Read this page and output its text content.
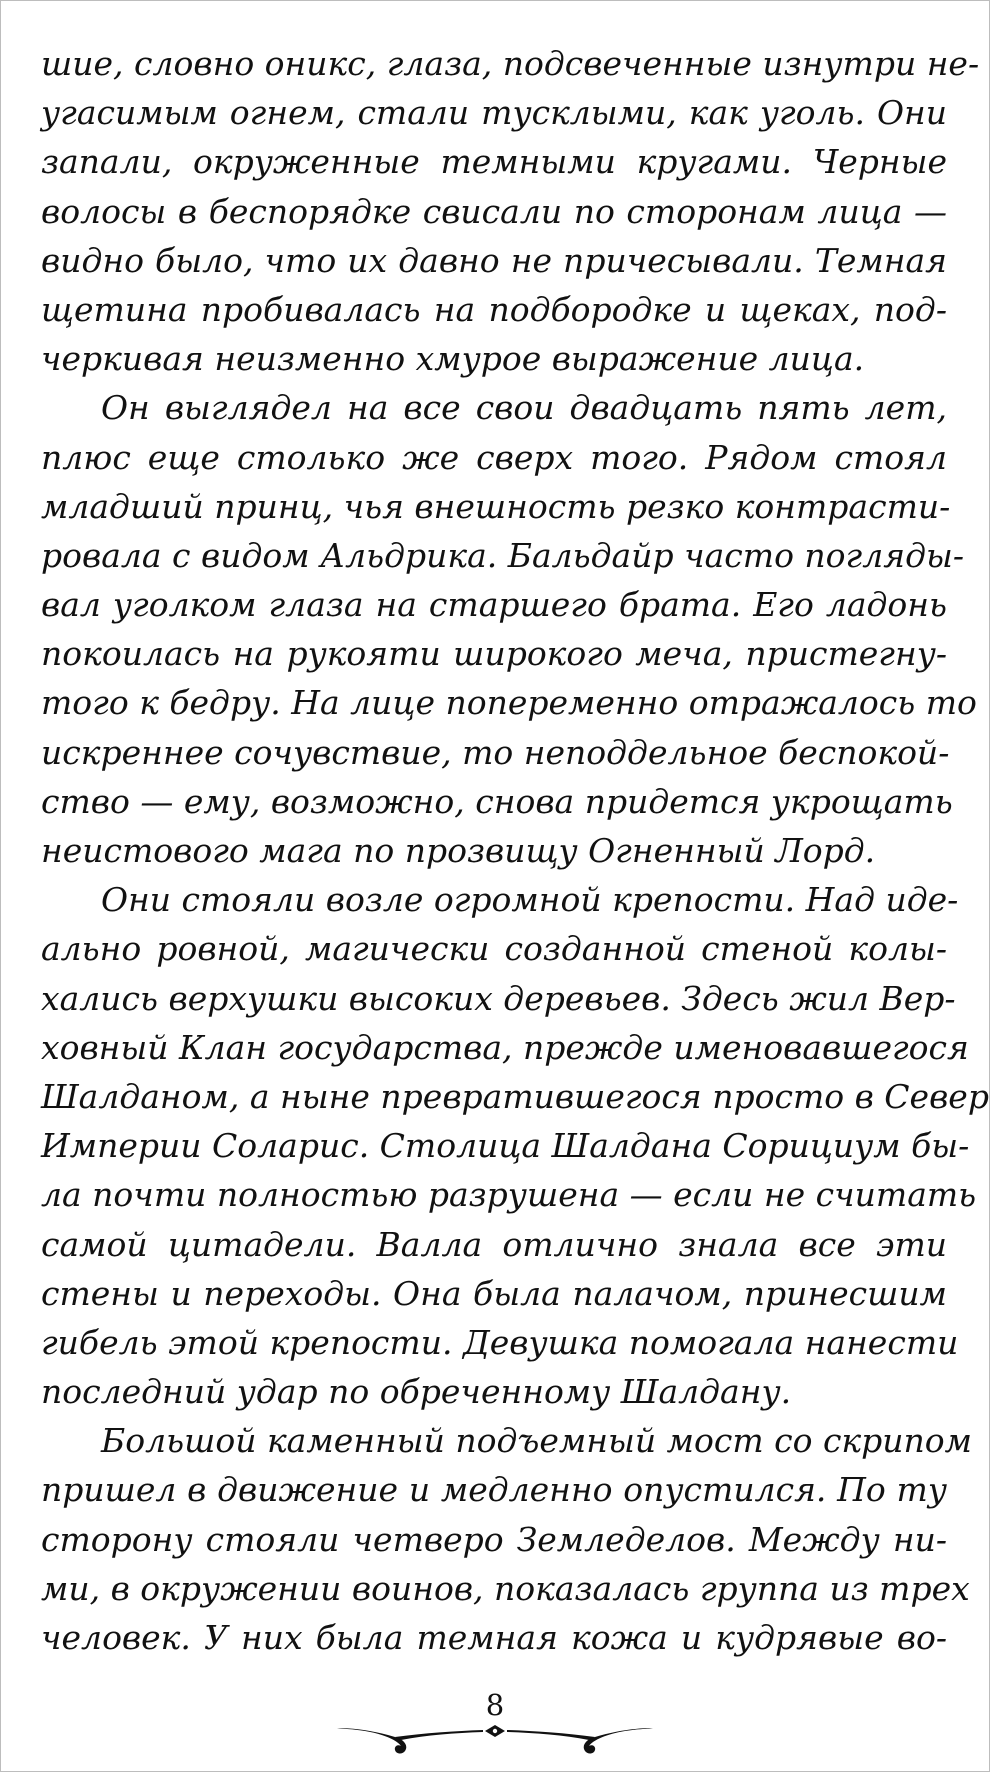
шие, словно оникс, глаза, подсвеченные изнутри не-
угасимым огнем, стали тусклыми, как уголь. Они
запали, окруженные темными кругами. Черные
волосы в беспорядке свисали по сторонам лица —
видно было, что их давно не причесывали. Темная
щетина пробивалась на подбородке и щеках, под-
черкивая неизменно хмурое выражение лица.
Он выглядел на все свои двадцать пять лет,
плюс еще столько же сверх того. Рядом стоял
младший принц, чья внешность резко контрасти-
ровала с видом Альдрика. Бальдайр часто погляды-
вал уголком глаза на старшего брата. Его ладонь
покоилась на рукояти широкого меча, пристегну-
того к бедру. На лице попеременно отражалось то
искреннее сочувствие, то неподдельное беспокой-
ство — ему, возможно, снова придется укрощать
неистового мага по прозвищу Огненный Лорд.
Они стояли возле огромной крепости. Над иде-
ально ровной, магически созданной стеной колы-
хались верхушки высоких деревьев. Здесь жил Вер-
ховный Клан государства, прежде именовавшегося
Шалданом, а ныне превратившегося просто в Север
Империи Соларис. Столица Шалдана Сорициум бы-
ла почти полностью разрушена — если не считать
самой цитадели. Валла отлично знала все эти
стены и переходы. Она была палачом, принесшим
гибель этой крепости. Девушка помогала нанести
последний удар по обреченному Шалдану.
Большой каменный подъемный мост со скрипом
пришел в движение и медленно опустился. По ту
сторону стояли четверо Земледелов. Между ни-
ми, в окружении воинов, показалась группа из трех
человек. У них была темная кожа и кудрявые во-
8
